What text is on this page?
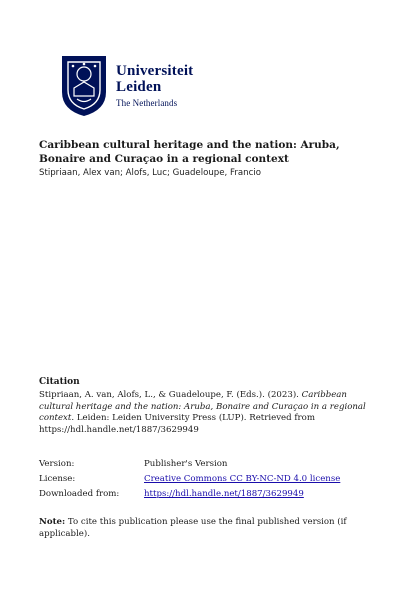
Universiteit
Leiden
The Netherlands
Caribbean cultural heritage and the nation: Aruba, Bonaire and Curaçao in a regional context
Stipriaan, Alex van; Alofs, Luc; Guadeloupe, Francio
Citation
Stipriaan, A. van, Alofs, L., & Guadeloupe, F. (Eds.). (2023). Caribbean cultural heritage and the nation: Aruba, Bonaire and Curaçao in a regional context. Leiden: Leiden University Press (LUP). Retrieved from https://hdl.handle.net/1887/3629949
Version:	Publisher's Version
License:	Creative Commons CC BY-NC-ND 4.0 license
Downloaded from:	https://hdl.handle.net/1887/3629949
Note: To cite this publication please use the final published version (if applicable).
